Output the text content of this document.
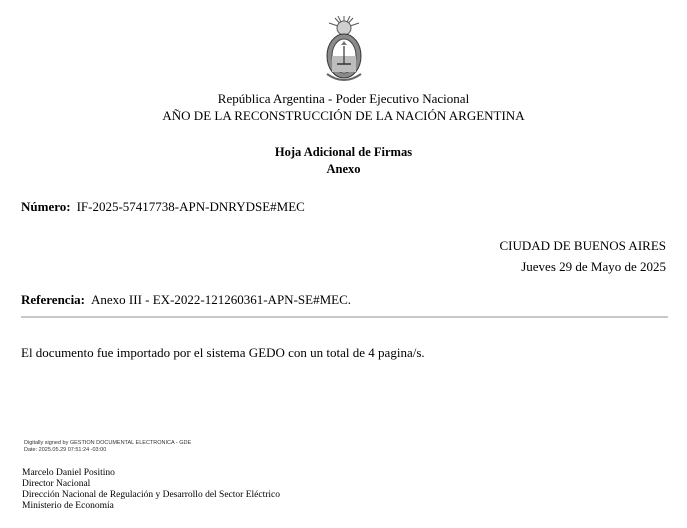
República Argentina - Poder Ejecutivo Nacional
AÑO DE LA RECONSTRUCCIÓN DE LA NACIÓN ARGENTINA
Hoja Adicional de Firmas
Anexo
Número: IF-2025-57417738-APN-DNRYDSE#MEC
CIUDAD DE BUENOS AIRES
Jueves 29 de Mayo de 2025
Referencia: Anexo III - EX-2022-121260361-APN-SE#MEC.
El documento fue importado por el sistema GEDO con un total de 4 pagina/s.
Digitally signed by GESTION DOCUMENTAL ELECTRONICA - GDE
Date: 2025.05.29 07:51:24 -03:00
Marcelo Daniel Positino
Director Nacional
Dirección Nacional de Regulación y Desarrollo del Sector Eléctrico
Ministerio de Economía
